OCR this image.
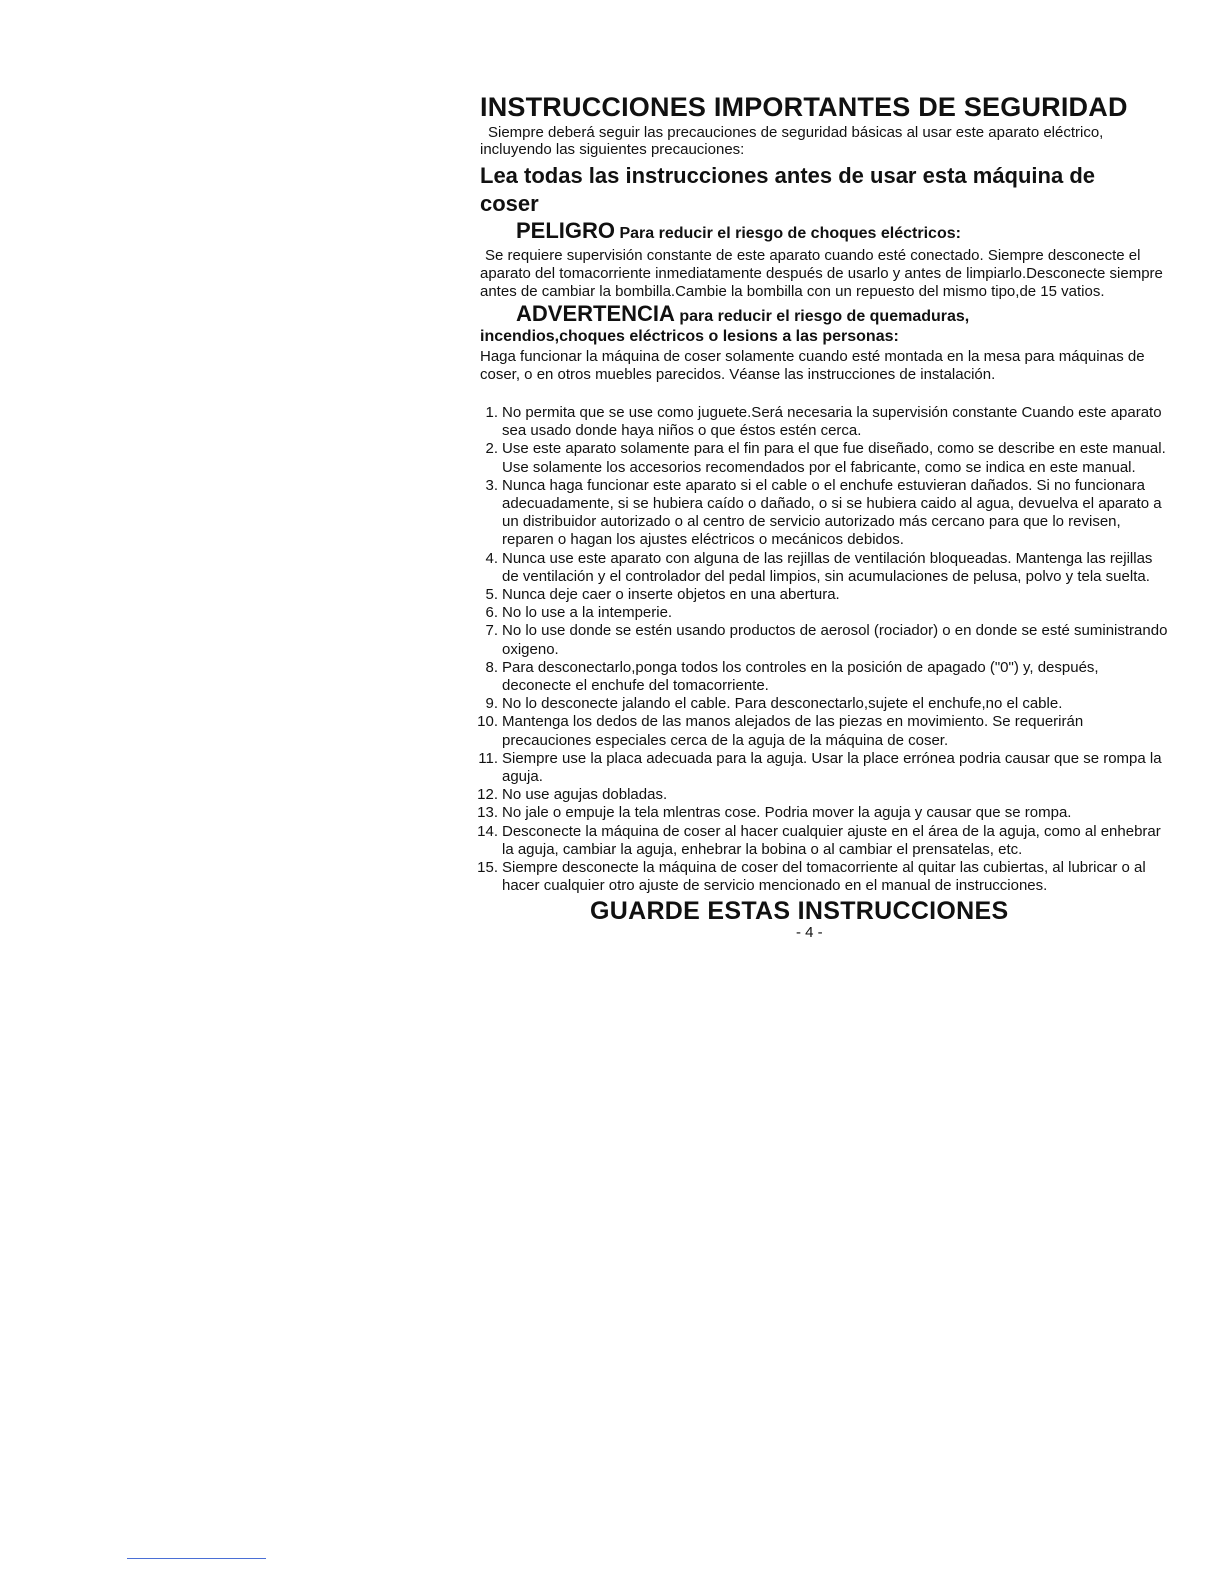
INSTRUCCIONES IMPORTANTES DE SEGURIDAD

Siempre deberá seguir las precauciones de seguridad básicas al usar este aparato eléctrico, incluyendo las siguientes precauciones:

Lea todas las instrucciones antes de usar esta máquina de coser

PELIGRO Para reducir el riesgo de choques eléctricos:

Se requiere supervisión constante de este aparato cuando esté conectado. Siempre desconecte el aparato del tomacorriente inmediatamente después de usarlo y antes de limpiarlo.Desconecte siempre antes de cambiar la bombilla.Cambie la bombilla con un repuesto del mismo tipo,de 15 vatios.

ADVERTENCIA para reducir el riesgo de quemaduras,

incendios,choques eléctricos o lesions a las personas:

Haga funcionar la máquina de coser solamente cuando esté montada en la mesa para máquinas de coser, o en otros muebles parecidos. Véanse las instrucciones de instalación.

1. No permita que se use como juguete.Será necesaria la supervisión constante Cuando este aparato sea usado donde haya niños o que éstos estén cerca.
2. Use este aparato solamente para el fin para el que fue diseñado, como se describe en este manual. Use solamente los accesorios recomendados por el fabricante, como se indica en este manual.
3. Nunca haga funcionar este aparato si el cable o el enchufe estuvieran dañados. Si no funcionara adecuadamente, si se hubiera caído o dañado, o si se hubiera caido al agua, devuelva el aparato a un distribuidor autorizado o al centro de servicio autorizado más cercano para que lo revisen, reparen o hagan los ajustes eléctricos o mecánicos debidos.
4. Nunca use este aparato con alguna de las rejillas de ventilación bloqueadas. Mantenga las rejillas de ventilación y el controlador del pedal limpios, sin acumulaciones de pelusa, polvo y tela suelta.
5. Nunca deje caer o inserte objetos en una abertura.
6. No lo use a la intemperie.
7. No lo use donde se estén usando productos de aerosol (rociador) o en donde se esté suministrando oxigeno.
8. Para desconectarlo,ponga todos los controles en la posición de apagado ("0") y, después, deconecte el enchufe del tomacorriente.
9. No lo desconecte jalando el cable. Para desconectarlo,sujete el enchufe,no el cable.
10. Mantenga los dedos de las manos alejados de las piezas en movimiento. Se requerirán precauciones especiales cerca de la aguja de la máquina de coser.
11. Siempre use la placa adecuada para la aguja. Usar la place errónea podria causar que se rompa la aguja.
12. No use agujas dobladas.
13. No jale o empuje la tela mlentras cose. Podria mover la aguja y causar que se rompa.
14. Desconecte la máquina de coser al hacer cualquier ajuste en el área de la aguja, como al enhebrar la aguja, cambiar la aguja, enhebrar la bobina o al cambiar el prensatelas, etc.
15. Siempre desconecte la máquina de coser del tomacorriente al quitar las cubiertas, al lubricar o al hacer cualquier otro ajuste de servicio mencionado en el manual de instrucciones.
GUARDE ESTAS INSTRUCCIONES
- 4 -
